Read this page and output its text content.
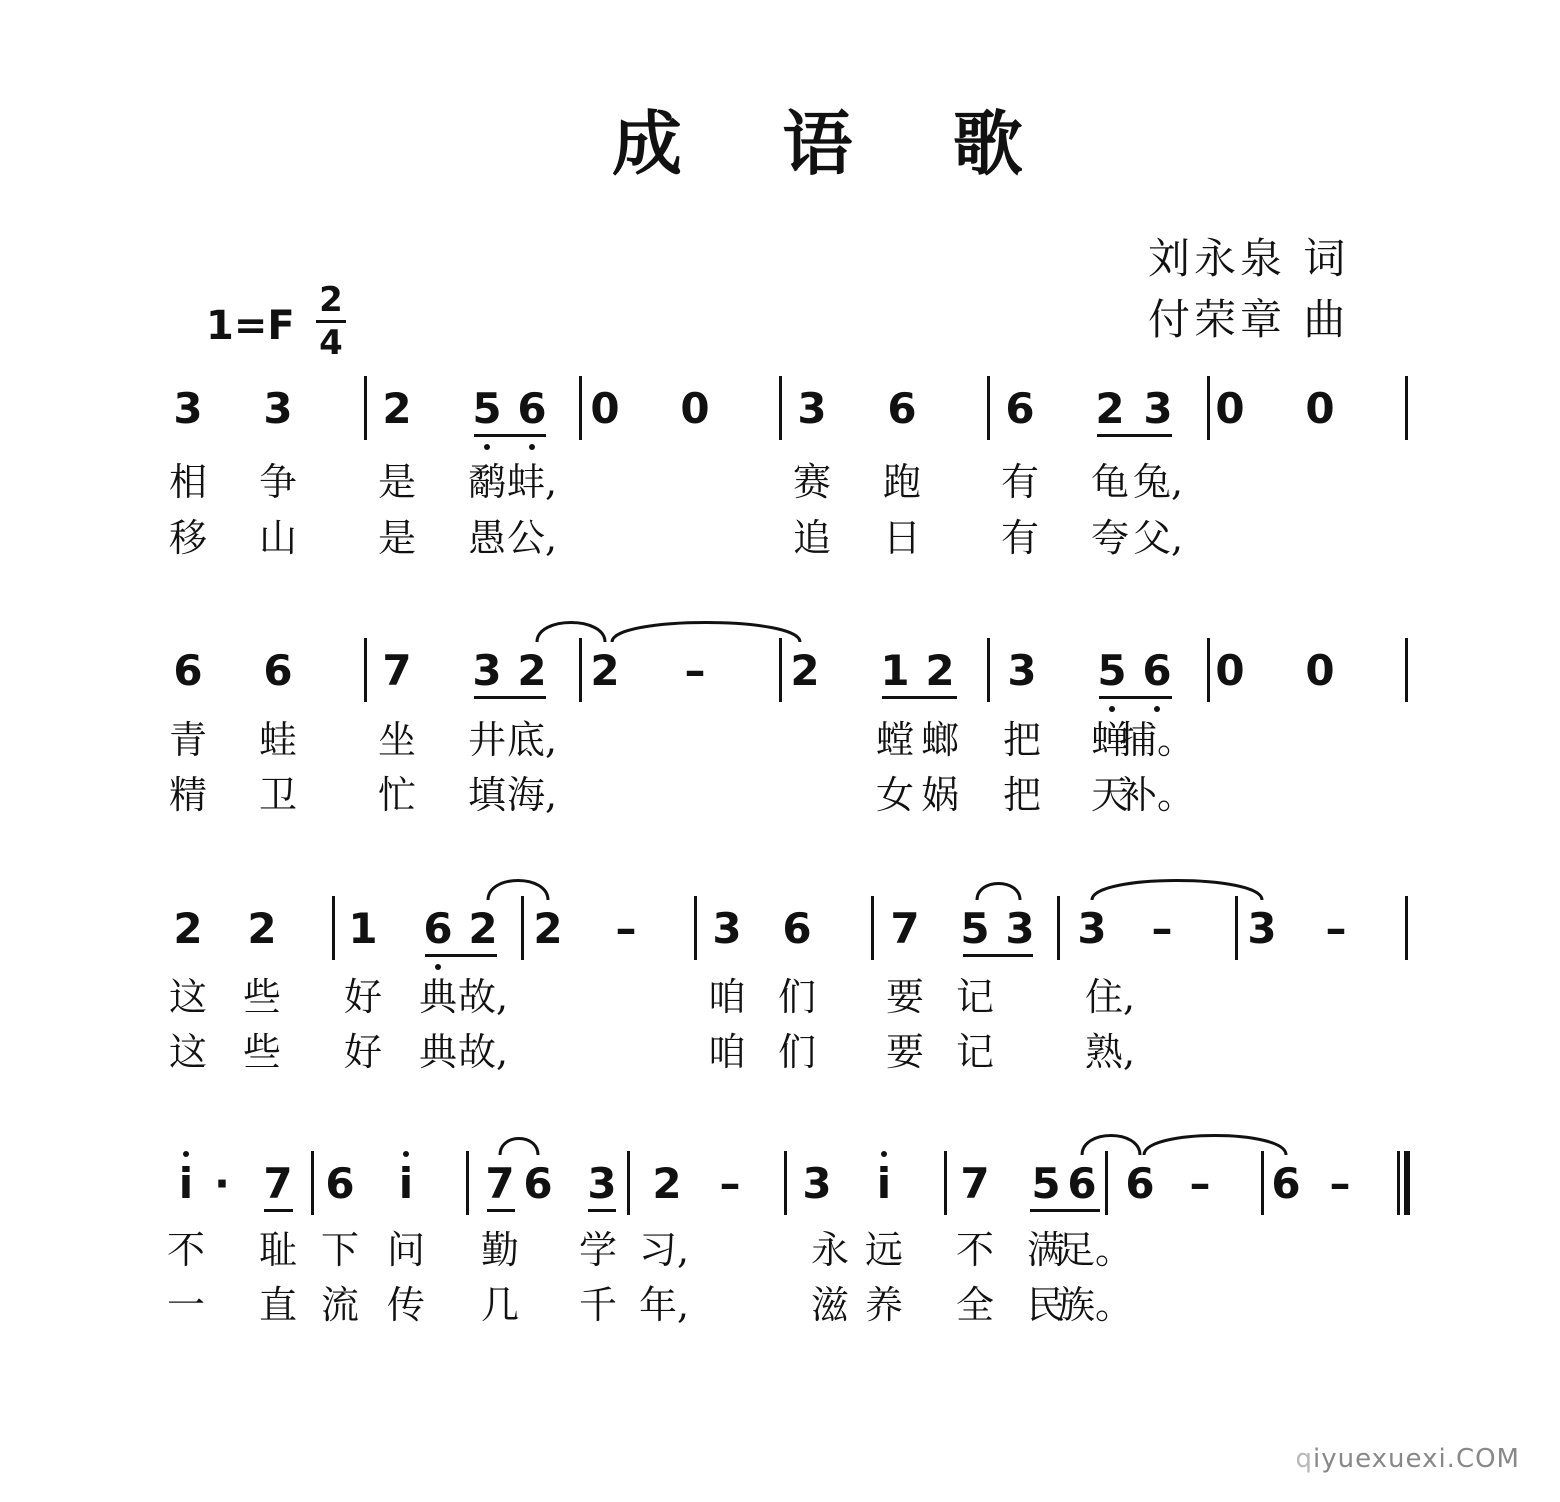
成 语 歌
刘永泉 词
付荣章 曲
1=F
2
4
3 3 2 5 6 0 0 3 6 6 2 3 0 0
相 争 是 鹬 蚌,	赛 跑 有 龟 兔,
移 山 是 愚 公,	追 日 有 夸 父,
6 6 7 3 2 2 – 2 1 2 3 5 6 0 0
青 蛙 坐 井 底,	螳 螂 把 蝉
捕。
精 卫 忙 填 海,	女 娲 把 天
补。
2 2 1 6 2 2 – 3 6 7 5 3 3 – 3 –
这 些 好 典 故,	咱 们 要 记 住,
这 些 好 典 故,	咱 们 要 记 熟,
i · 7 6 i 7 6 3 2 – 3 i 7 5 6 6 – 6 –
不 耻 下 问 勤 学 习,	永 远 不 满
足。
一 直 流 传 几 千 年,	滋 养 全 民
族。
qiyuexuexi.COM
